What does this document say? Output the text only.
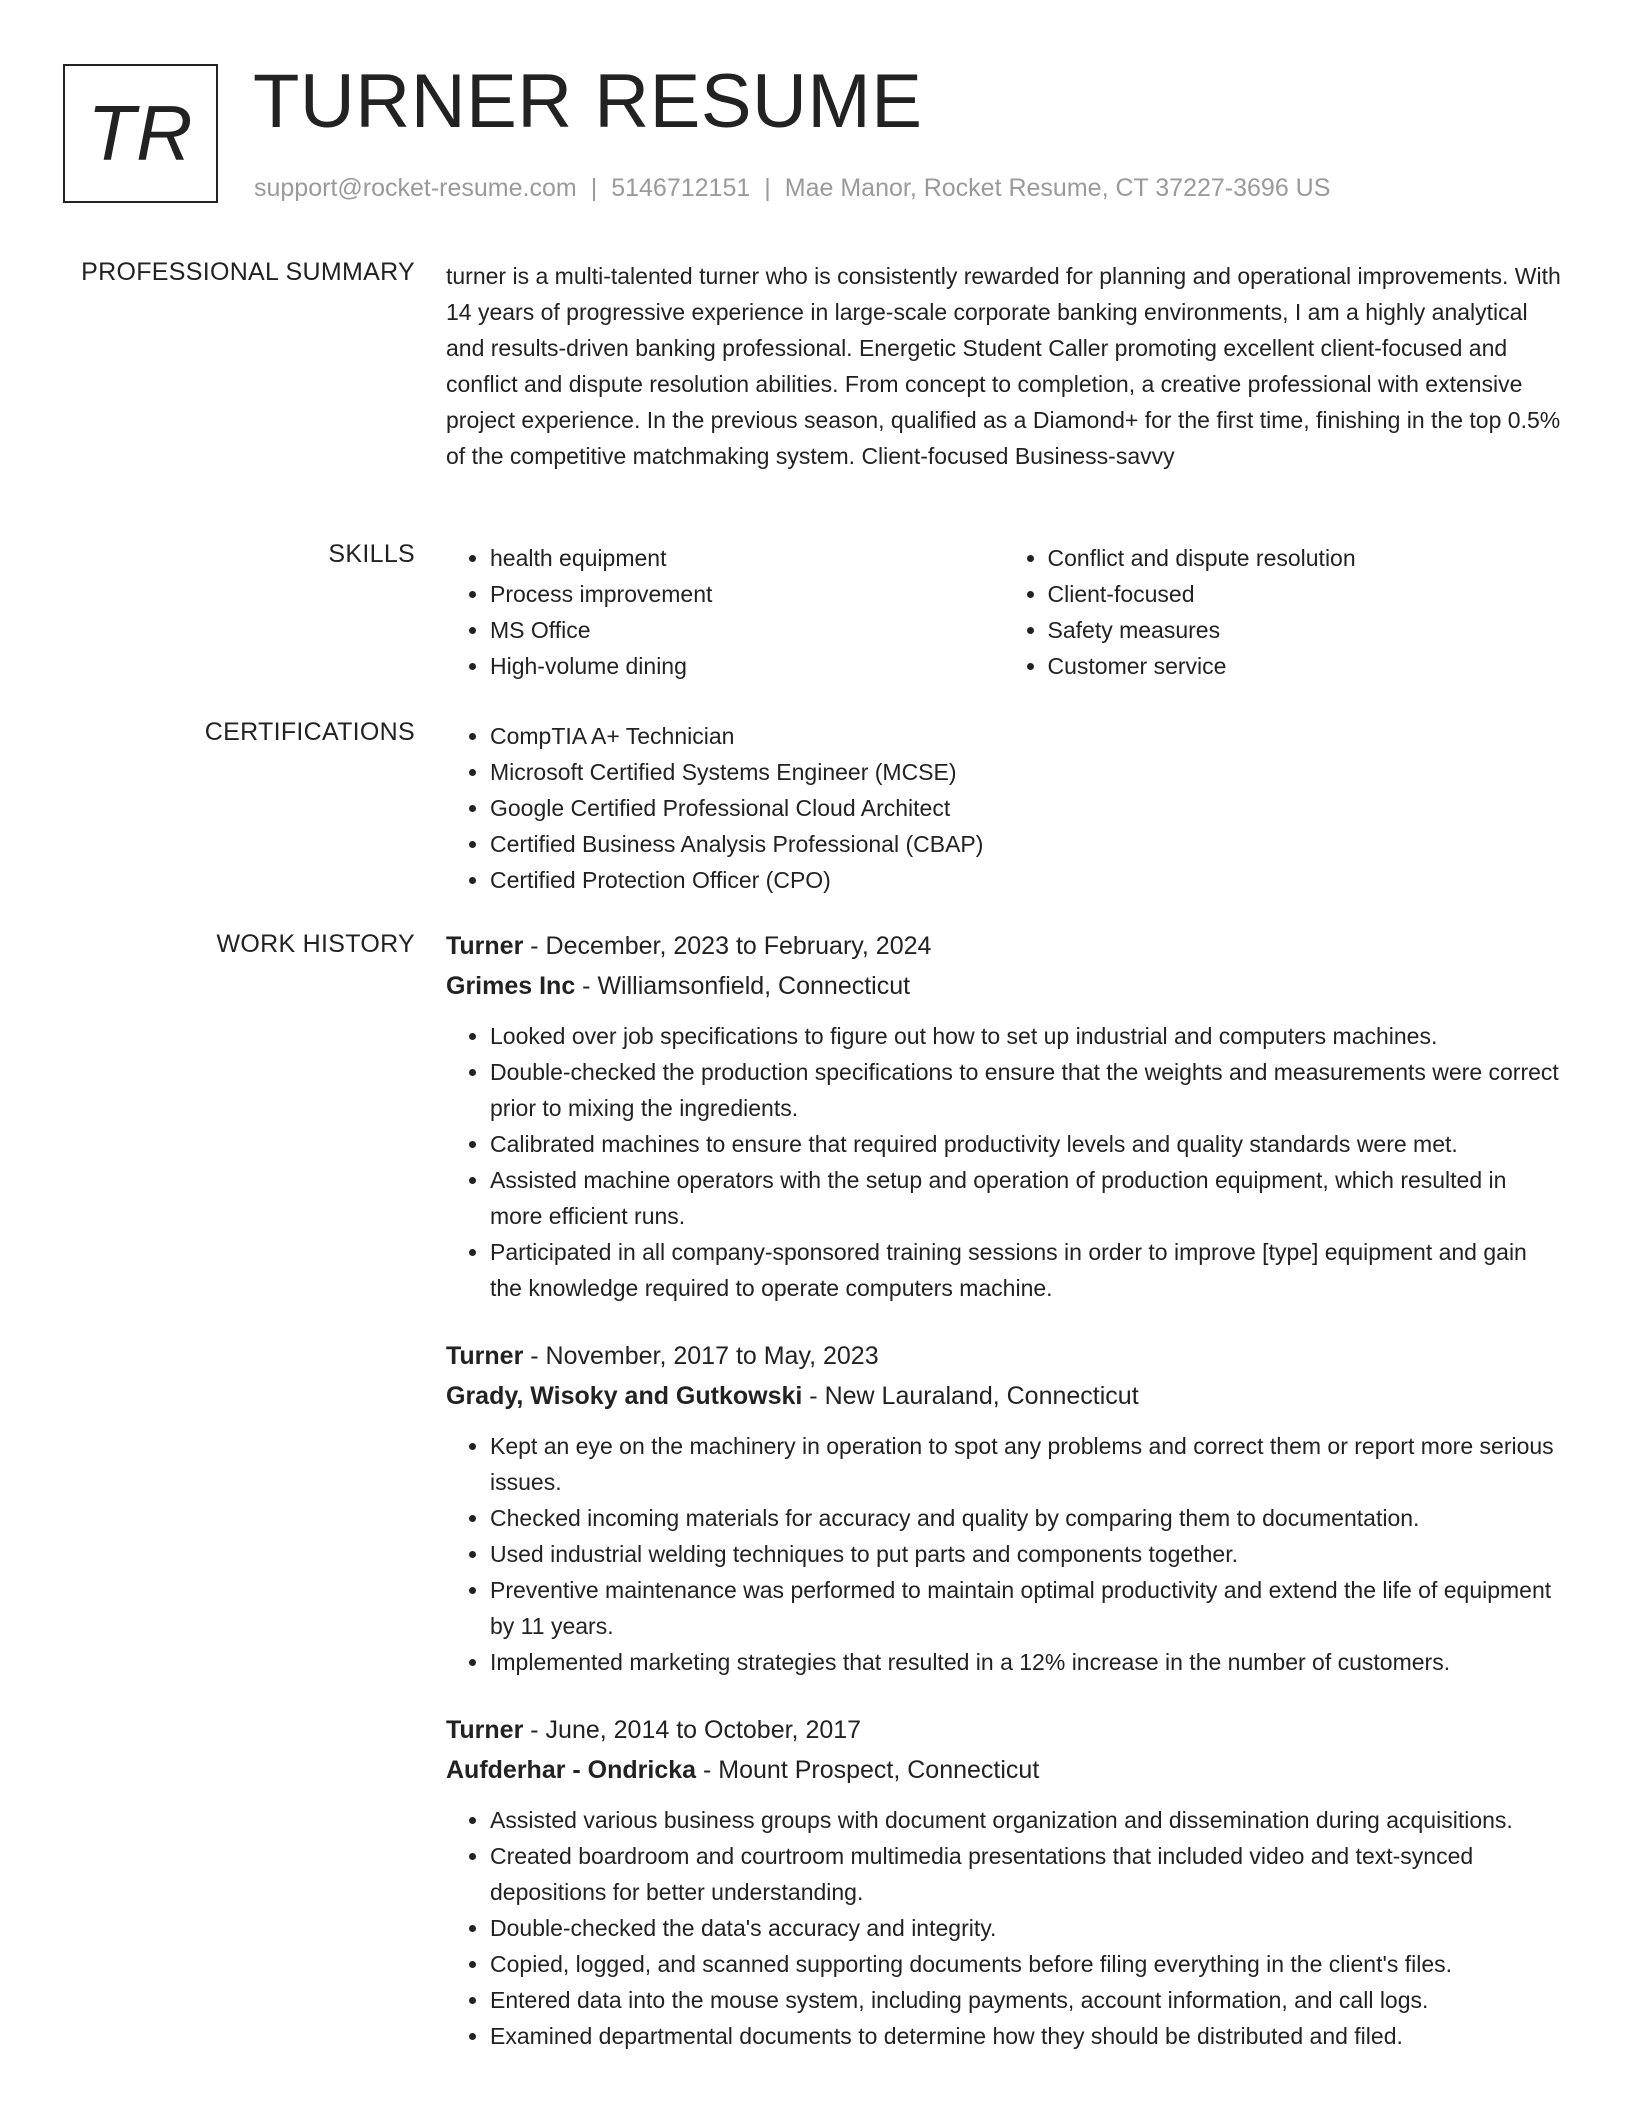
TR TURNER RESUME
support@rocket-resume.com | 5146712151 | Mae Manor, Rocket Resume, CT 37227-3696 US
PROFESSIONAL SUMMARY turner is a multi-talented turner who is consistently rewarded for planning and operational improvements. With 14 years of progressive experience in large-scale corporate banking environments, I am a highly analytical and results-driven banking professional. Energetic Student Caller promoting excellent client-focused and conflict and dispute resolution abilities. From concept to completion, a creative professional with extensive project experience. In the previous season, qualified as a Diamond+ for the first time, finishing in the top 0.5% of the competitive matchmaking system. Client-focused Business-savvy

SKILLS	• health equipment
• Process improvement
• MS Office
• High-volume dining
• Conflict and dispute resolution
• Client-focused
• Safety measures
• Customer service
CERTIFICATIONS	• CompTIA A+ Technician
• Microsoft Certified Systems Engineer (MCSE)
• Google Certified Professional Cloud Architect
• Certified Business Analysis Professional (CBAP)
• Certified Protection Officer (CPO)
WORK HISTORY Turner - December, 2023 to February, 2024
Grimes Inc - Williamsonfield, Connecticut
• Looked over job specifications to figure out how to set up industrial and computers machines.
• Double-checked the production specifications to ensure that the weights and measurements were correct prior to mixing the ingredients.
• Calibrated machines to ensure that required productivity levels and quality standards were met.
• Assisted machine operators with the setup and operation of production equipment, which resulted in more efficient runs.
• Participated in all company-sponsored training sessions in order to improve [type] equipment and gain the knowledge required to operate computers machine.
Turner - November, 2017 to May, 2023
Grady, Wisoky and Gutkowski - New Lauraland, Connecticut
• Kept an eye on the machinery in operation to spot any problems and correct them or report more serious issues.
• Checked incoming materials for accuracy and quality by comparing them to documentation.
• Used industrial welding techniques to put parts and components together.
• Preventive maintenance was performed to maintain optimal productivity and extend the life of equipment by 11 years.
• Implemented marketing strategies that resulted in a 12% increase in the number of customers.
Turner - June, 2014 to October, 2017
Aufderhar - Ondricka - Mount Prospect, Connecticut
• Assisted various business groups with document organization and dissemination during acquisitions.
• Created boardroom and courtroom multimedia presentations that included video and text-synced depositions for better understanding.
• Double-checked the data's accuracy and integrity.
• Copied, logged, and scanned supporting documents before filing everything in the client's files.
• Entered data into the mouse system, including payments, account information, and call logs.
• Examined departmental documents to determine how they should be distributed and filed.
